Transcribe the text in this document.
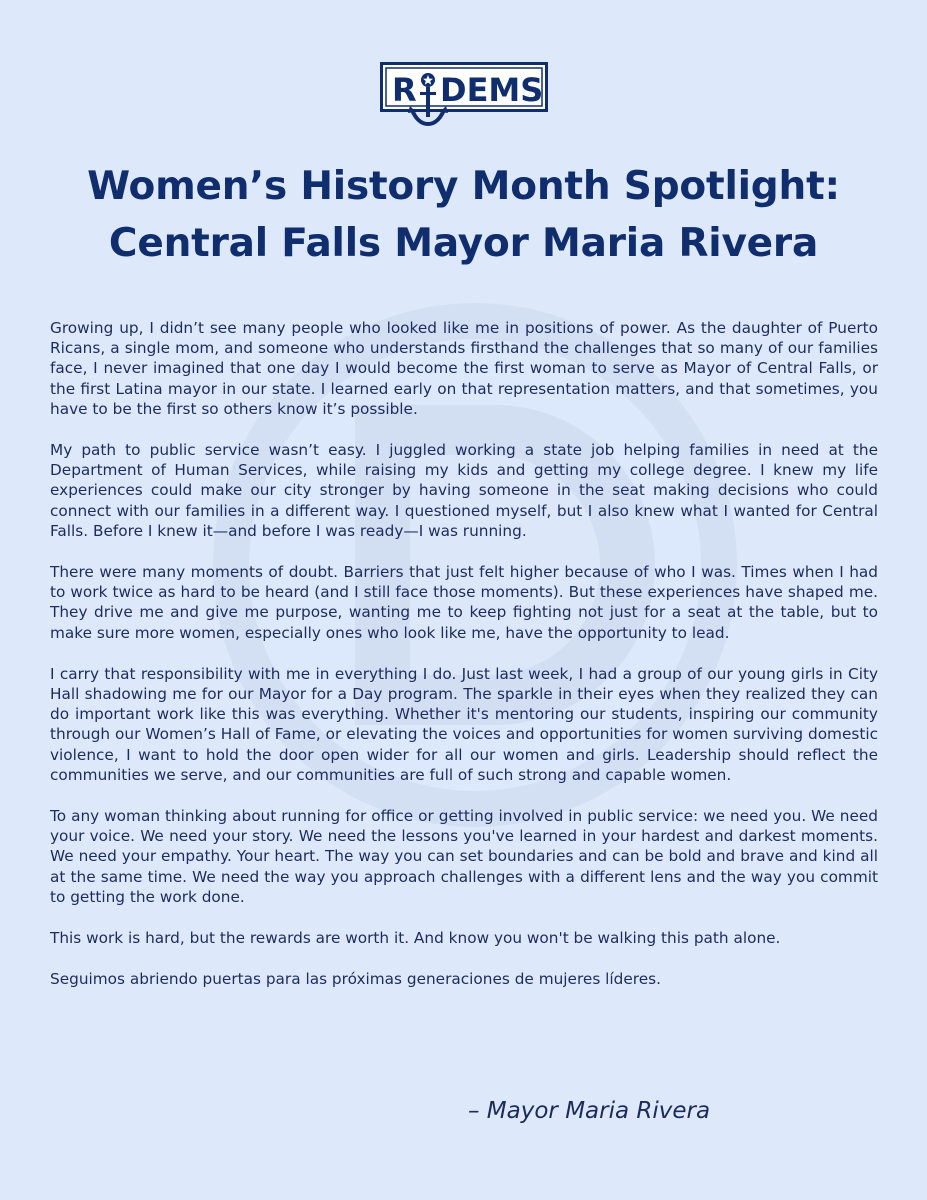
R DEMS
Women’s History Month Spotlight:
Central Falls Mayor Maria Rivera

Growing up, I didn’t see many people who looked like me in positions of power. As the daughter of Puerto Ricans, a single mom, and someone who understands firsthand the challenges that so many of our families face, I never imagined that one day I would become the first woman to serve as Mayor of Central Falls, or the first Latina mayor in our state. I learned early on that representation matters, and that sometimes, you have to be the first so others know it’s possible.

My path to public service wasn’t easy. I juggled working a state job helping families in need at the Department of Human Services, while raising my kids and getting my college degree. I knew my life experiences could make our city stronger by having someone in the seat making decisions who could connect with our families in a different way. I questioned myself, but I also knew what I wanted for Central Falls. Before I knew it—and before I was ready—I was running.

There were many moments of doubt. Barriers that just felt higher because of who I was. Times when I had to work twice as hard to be heard (and I still face those moments). But these experiences have shaped me. They drive me and give me purpose, wanting me to keep fighting not just for a seat at the table, but to make sure more women, especially ones who look like me, have the opportunity to lead.

I carry that responsibility with me in everything I do. Just last week, I had a group of our young girls in City Hall shadowing me for our Mayor for a Day program. The sparkle in their eyes when they realized they can do important work like this was everything. Whether it's mentoring our students, inspiring our community through our Women’s Hall of Fame, or elevating the voices and opportunities for women surviving domestic violence, I want to hold the door open wider for all our women and girls. Leadership should reflect the communities we serve, and our communities are full of such strong and capable women.

To any woman thinking about running for office or getting involved in public service: we need you. We need your voice. We need your story. We need the lessons you've learned in your hardest and darkest moments. We need your empathy. Your heart. The way you can set boundaries and can be bold and brave and kind all at the same time. We need the way you approach challenges with a different lens and the way you commit to getting the work done.

This work is hard, but the rewards are worth it. And know you won't be walking this path alone.

Seguimos abriendo puertas para las próximas generaciones de mujeres líderes.

– Mayor Maria Rivera
